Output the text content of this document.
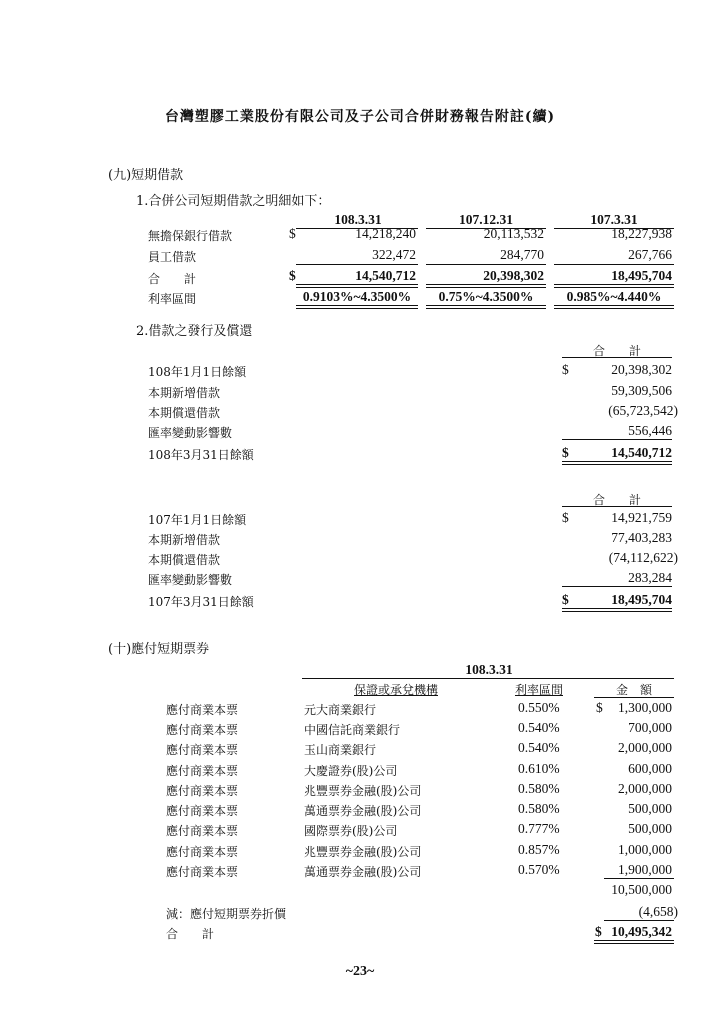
台灣塑膠工業股份有限公司及子公司合併財務報告附註(續)
(九)短期借款
1.合併公司短期借款之明細如下：
108.3.31	107.12.31	107.3.31
無擔保銀行借款	$	14,218,240	20,113,532	18,227,938
員工借款	322,472	284,770	267,766
合　　計	$	14,540,712	20,398,302	18,495,704
利率區間	0.9103%~4.3500%	0.75%~4.3500%	0.985%~4.440%
2.借款之發行及償還
合　　計
108年1月1日餘額	$	20,398,302
本期新增借款	59,309,506
本期償還借款	(65,723,542)
匯率變動影響數	556,446
108年3月31日餘額	$	14,540,712
合　　計
107年1月1日餘額	$	14,921,759
本期新增借款	77,403,283
本期償還借款	(74,112,622)
匯率變動影響數	283,284
107年3月31日餘額	$	18,495,704
(十)應付短期票券
108.3.31
保證或承兌機構	利率區間	金　額
應付商業本票	元大商業銀行	0.550%	$	1,300,000
應付商業本票	中國信託商業銀行	0.540%	700,000
應付商業本票	玉山商業銀行	0.540%	2,000,000
應付商業本票	大慶證券(股)公司	0.610%	600,000
應付商業本票	兆豐票券金融(股)公司	0.580%	2,000,000
應付商業本票	萬通票券金融(股)公司	0.580%	500,000
應付商業本票	國際票券(股)公司	0.777%	500,000
應付商業本票	兆豐票券金融(股)公司	0.857%	1,000,000
應付商業本票	萬通票券金融(股)公司	0.570%	1,900,000
10,500,000
減：應付短期票券折價	(4,658)
合　　計	$ 10,495,342
~23~
